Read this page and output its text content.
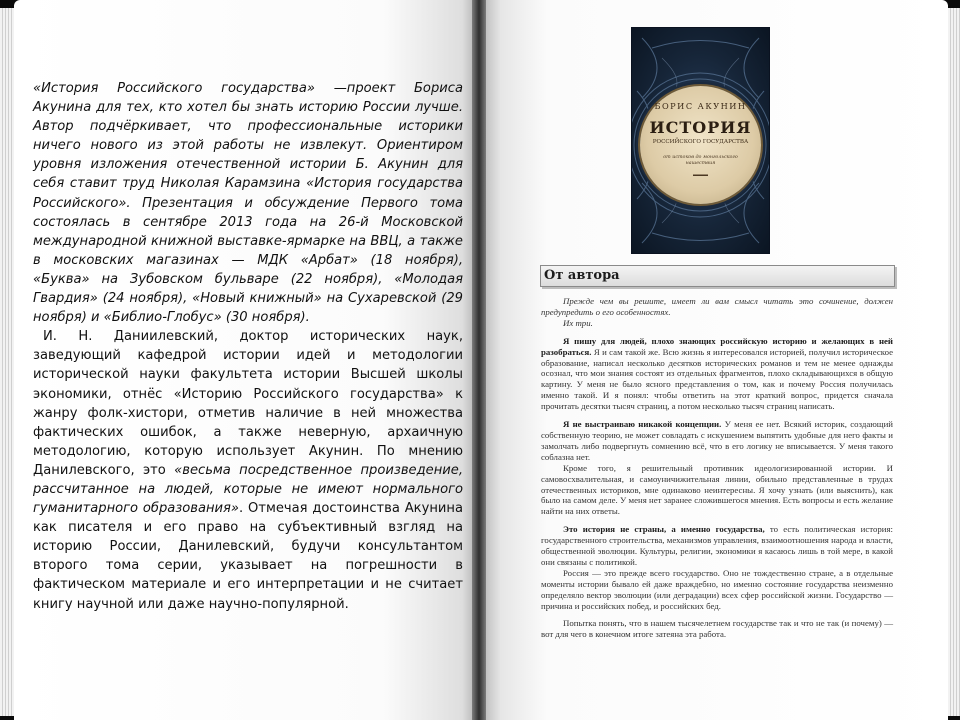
«История Российского государства» —проект Бориса Акунина для тех, кто хотел бы знать историю России лучше. Автор подчёркивает, что профессиональные историки ничего нового из этой работы не извлекут. Ориентиром уровня изложения отечественной истории Б. Акунин для себя ставит труд Николая Карамзина «История государства Российского». Презентация и обсуждение Первого тома состоялась в сентябре 2013 года на 26-й Московской международной книжной выставке-ярмарке на ВВЦ, а также в московских магазинах — МДК «Арбат» (18 ноября), «Буква» на Зубовском бульваре (22 ноября), «Молодая Гвардия» (24 ноября), «Новый книжный» на Сухаревской (29 ноября) и «Библио-Глобус» (30 ноября).

И. Н. Даниилевский, доктор исторических наук, заведующий кафедрой истории идей и методологии исторической науки факультета истории Высшей школы экономики, отнёс «Историю Российского государства» к жанру фолк-хистори, отметив наличие в ней множества фактических ошибок, а также неверную, архаичную методологию, которую использует Акунин. По мнению Данилевского, это «весьма посредственное произведение, рассчитанное на людей, которые не имеют нормального гуманитарного образования». Отмечая достоинства Акунина как писателя и его право на субъективный взгляд на историю России, Данилевский, будучи консультантом второго тома серии, указывает на погрешности в фактическом материале и его интерпретации и не считает книгу научной или даже научно-популярной.

БОРИС АКУНИН
ИСТОРИЯ
РОССИЙСКОГО ГОСУДАРСТВА
от истоков до монгольского нашествия
▬▬▬
От автора

Прежде чем вы решите, имеет ли вам смысл читать это сочинение, должен предупредить о его особенностях.

Их три.

Я пишу для людей, плохо знающих российскую историю и желающих в ней разобраться. Я и сам такой же. Всю жизнь я интересовался историей, получил историческое образование, написал несколько десятков исторических романов и тем не менее однажды осознал, что мои знания состоят из отдельных фрагментов, плохо складывающихся в общую картину. У меня не было ясного представления о том, как и почему Россия получилась именно такой. И я понял: чтобы ответить на этот краткий вопрос, придется сначала прочитать десятки тысяч страниц, а потом несколько тысяч страниц написать.

Я не выстраиваю никакой концепции. У меня ее нет. Всякий историк, создающий собственную теорию, не может совладать с искушением выпятить удобные для него факты и замолчать либо подвергнуть сомнению всё, что в его логику не вписывается. У меня такого соблазна нет.

Кроме того, я решительный противник идеологизированной истории. И самовосхвалительная, и самоуничижительная линии, обильно представленные в трудах отечественных историков, мне одинаково неинтересны. Я хочу узнать (или выяснить), как было на самом деле. У меня нет заранее сложившегося мнения. Есть вопросы и есть желание найти на них ответы.

Это история не страны, а именно государства, то есть политическая история: государственного строительства, механизмов управления, взаимоотношения народа и власти, общественной эволюции. Культуры, религии, экономики я касаюсь лишь в той мере, в какой они связаны с политикой.

Россия — это прежде всего государство. Оно не тождественно стране, а в отдельные моменты истории бывало ей даже враждебно, но именно состояние государства неизменно определяло вектор эволюции (или деградации) всех сфер российской жизни. Государство — причина и российских побед, и российских бед.

Попытка понять, что в нашем тысячелетнем государстве так и что не так (и почему) — вот для чего в конечном итоге затеяна эта работа.
